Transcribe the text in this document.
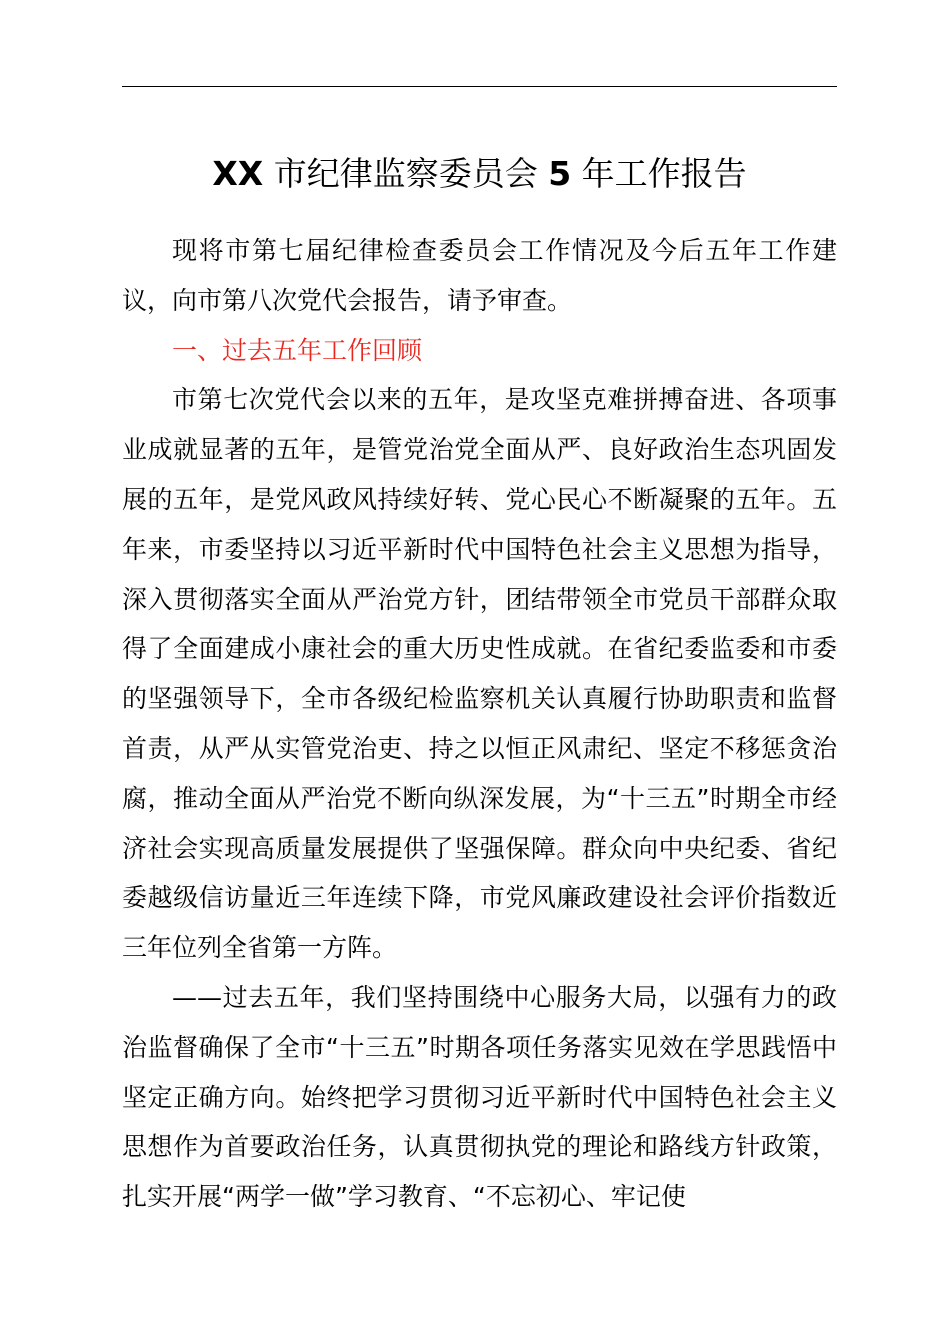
XX 市纪律监察委员会 5 年工作报告

现将市第七届纪律检查委员会工作情况及今后五年工作建议，向市第八次党代会报告，请予审查。

一、过去五年工作回顾

市第七次党代会以来的五年，是攻坚克难拼搏奋进、各项事业成就显著的五年，是管党治党全面从严、良好政治生态巩固发展的五年，是党风政风持续好转、党心民心不断凝聚的五年。五年来，市委坚持以习近平新时代中国特色社会主义思想为指导，深入贯彻落实全面从严治党方针，团结带领全市党员干部群众取得了全面建成小康社会的重大历史性成就。在省纪委监委和市委的坚强领导下，全市各级纪检监察机关认真履行协助职责和监督首责，从严从实管党治吏、持之以恒正风肃纪、坚定不移惩贪治腐，推动全面从严治党不断向纵深发展，为“十三五”时期全市经济社会实现高质量发展提供了坚强保障。群众向中央纪委、省纪委越级信访量近三年连续下降，市党风廉政建设社会评价指数近三年位列全省第一方阵。

——过去五年，我们坚持围绕中心服务大局，以强有力的政治监督确保了全市“十三五”时期各项任务落实见效在学思践悟中坚定正确方向。始终把学习贯彻习近平新时代中国特色社会主义思想作为首要政治任务，认真贯彻执党的理论和路线方针政策，扎实开展“两学一做”学习教育、“不忘初心、牢记使
